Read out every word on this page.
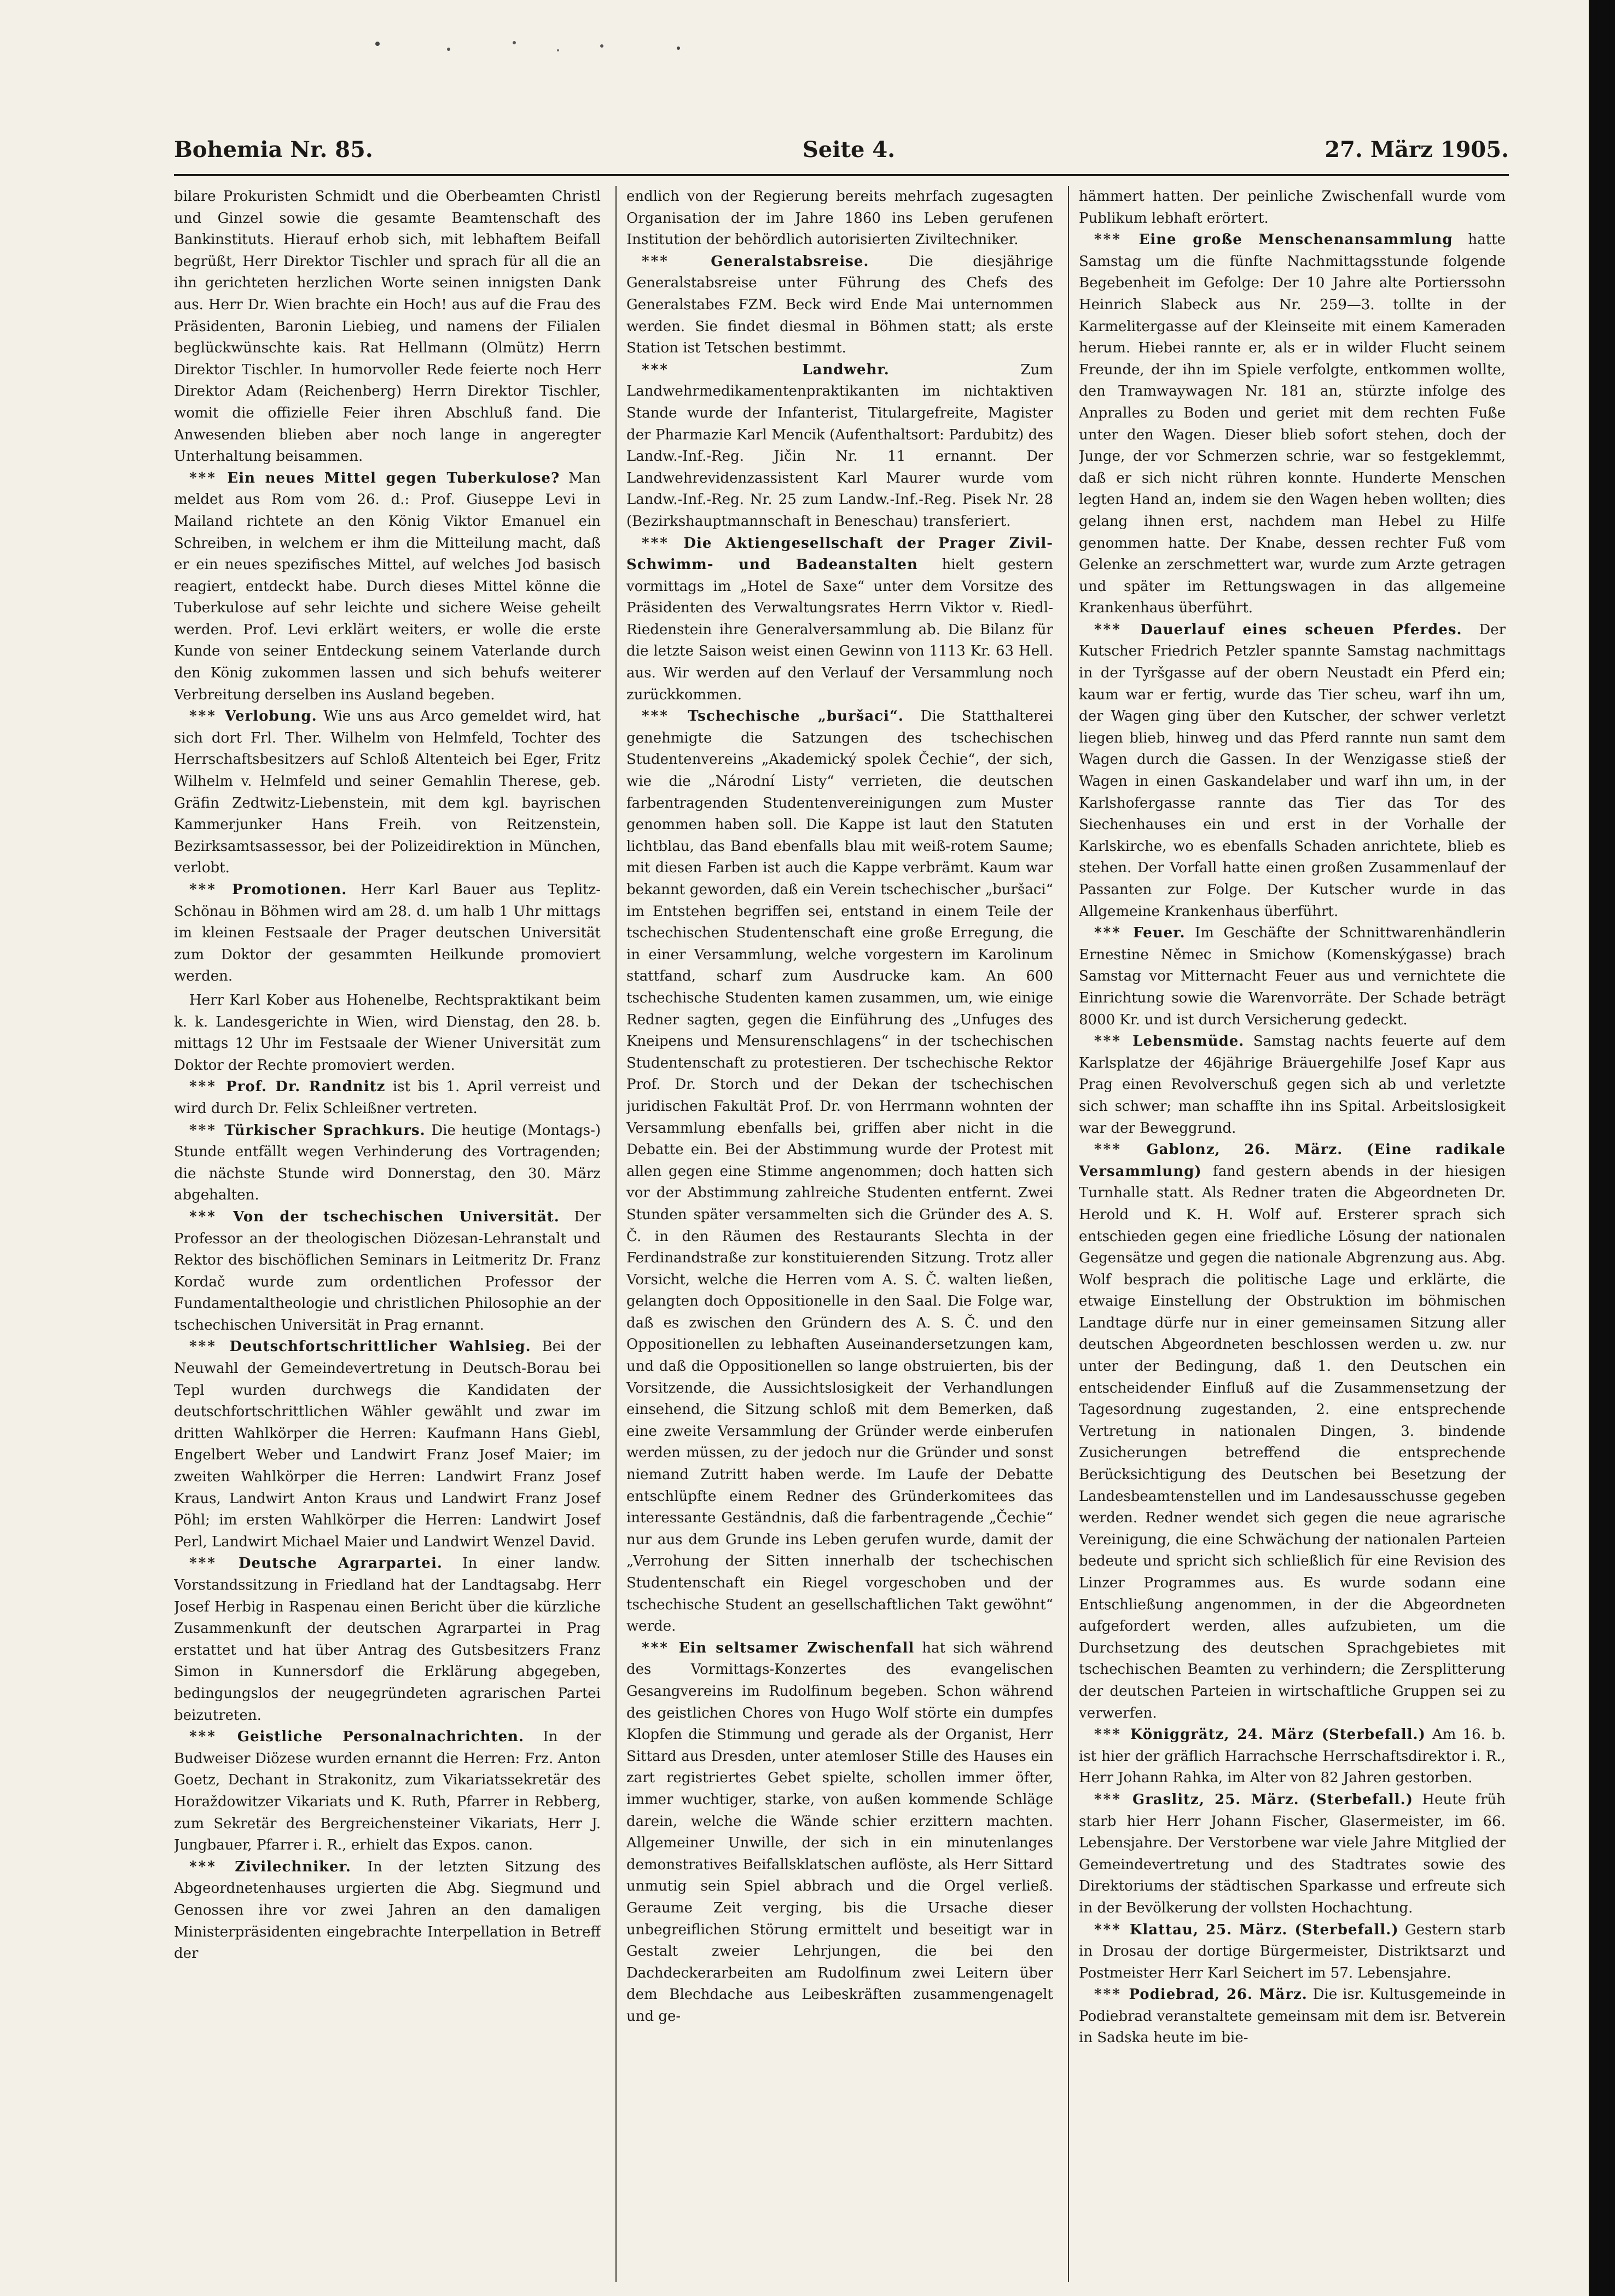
Bohemia Nr. 85.	Seite 4.	27. März 1905.

bilare Prokuristen Schmidt und die Oberbeamten Christl und Ginzel sowie die gesamte Beamtenschaft des Bankinstituts. Hierauf erhob sich, mit lebhaftem Beifall begrüßt, Herr Direktor Tischler und sprach für all die an ihn gerichteten herzlichen Worte seinen innigsten Dank aus. Herr Dr. Wien brachte ein Hoch! aus auf die Frau des Präsidenten, Baronin Liebieg, und namens der Filialen beglückwünschte kais. Rat Hellmann (Olmütz) Herrn Direktor Tischler. In humorvoller Rede feierte noch Herr Direktor Adam (Reichenberg) Herrn Direktor Tischler, womit die offizielle Feier ihren Abschluß fand. Die Anwesenden blieben aber noch lange in angeregter Unterhaltung beisammen.

*** Ein neues Mittel gegen Tuberkulose? Man meldet aus Rom vom 26. d.: Prof. Giuseppe Levi in Mailand richtete an den König Viktor Emanuel ein Schreiben, in welchem er ihm die Mitteilung macht, daß er ein neues spezifisches Mittel, auf welches Jod basisch reagiert, entdeckt habe. Durch dieses Mittel könne die Tuberkulose auf sehr leichte und sichere Weise geheilt werden. Prof. Levi erklärt weiters, er wolle die erste Kunde von seiner Entdeckung seinem Vaterlande durch den König zukommen lassen und sich behufs weiterer Verbreitung derselben ins Ausland begeben.

*** Verlobung. Wie uns aus Arco gemeldet wird, hat sich dort Frl. Ther. Wilhelm von Helmfeld, Tochter des Herrschaftsbesitzers auf Schloß Altenteich bei Eger, Fritz Wilhelm v. Helmfeld und seiner Gemahlin Therese, geb. Gräfin Zedtwitz-Liebenstein, mit dem kgl. bayrischen Kammerjunker Hans Freih. von Reitzenstein, Bezirksamtsassessor, bei der Polizeidirektion in München, verlobt.

*** Promotionen. Herr Karl Bauer aus Teplitz-Schönau in Böhmen wird am 28. d. um halb 1 Uhr mittags im kleinen Festsaale der Prager deutschen Universität zum Doktor der gesammten Heilkunde promoviert werden.

Herr Karl Kober aus Hohenelbe, Rechtspraktikant beim k. k. Landesgerichte in Wien, wird Dienstag, den 28. b. mittags 12 Uhr im Festsaale der Wiener Universität zum Doktor der Rechte promoviert werden.

*** Prof. Dr. Randnitz ist bis 1. April verreist und wird durch Dr. Felix Schleißner vertreten.

*** Türkischer Sprachkurs. Die heutige (Montags-) Stunde entfällt wegen Verhinderung des Vortragenden; die nächste Stunde wird Donnerstag, den 30. März abgehalten.

*** Von der tschechischen Universität. Der Professor an der theologischen Diözesan-Lehranstalt und Rektor des bischöflichen Seminars in Leitmeritz Dr. Franz Kordač wurde zum ordentlichen Professor der Fundamentaltheologie und christlichen Philosophie an der tschechischen Universität in Prag ernannt.

*** Deutschfortschrittlicher Wahlsieg. Bei der Neuwahl der Gemeindevertretung in Deutsch-Borau bei Tepl wurden durchwegs die Kandidaten der deutschfortschrittlichen Wähler gewählt und zwar im dritten Wahlkörper die Herren: Kaufmann Hans Giebl, Engelbert Weber und Landwirt Franz Josef Maier; im zweiten Wahlkörper die Herren: Landwirt Franz Josef Kraus, Landwirt Anton Kraus und Landwirt Franz Josef Pöhl; im ersten Wahlkörper die Herren: Landwirt Josef Perl, Landwirt Michael Maier und Landwirt Wenzel David.

*** Deutsche Agrarpartei. In einer landw. Vorstandssitzung in Friedland hat der Landtagsabg. Herr Josef Herbig in Raspenau einen Bericht über die kürzliche Zusammenkunft der deutschen Agrarpartei in Prag erstattet und hat über Antrag des Gutsbesitzers Franz Simon in Kunnersdorf die Erklärung abgegeben, bedingungslos der neugegründeten agrarischen Partei beizutreten.

*** Geistliche Personalnachrichten. In der Budweiser Diözese wurden ernannt die Herren: Frz. Anton Goetz, Dechant in Strakonitz, zum Vikariatssekretär des Horaždowitzer Vikariats und K. Ruth, Pfarrer in Rebberg, zum Sekretär des Bergreichensteiner Vikariats, Herr J. Jungbauer, Pfarrer i. R., erhielt das Expos. canon.

*** Zivilechniker. In der letzten Sitzung des Abgeordnetenhauses urgierten die Abg. Siegmund und Genossen ihre vor zwei Jahren an den damaligen Ministerpräsidenten eingebrachte Interpellation in Betreff der

endlich von der Regierung bereits mehrfach zugesagten Organisation der im Jahre 1860 ins Leben gerufenen Institution der behördlich autorisierten Ziviltechniker.

*** Generalstabsreise.	Die diesjährige Generalstabsreise unter Führung des Chefs des Generalstabes FZM. Beck wird Ende Mai unternommen werden. Sie findet diesmal in Böhmen statt; als erste Station ist Tetschen bestimmt.

*** Landwehr.	Zum Landwehrmedikamentenpraktikanten im nichtaktiven Stande wurde der Infanterist, Titulargefreite, Magister der Pharmazie Karl Mencik (Aufenthaltsort: Pardubitz) des Landw.-Inf.-Reg. Jičin Nr. 11 ernannt. Der Landwehrevidenzassistent Karl Maurer wurde vom Landw.-Inf.-Reg. Nr. 25 zum Landw.-Inf.-Reg. Pisek Nr. 28 (Bezirkshauptmannschaft in Beneschau) transferiert.

*** Die Aktiengesellschaft der Prager Zivil-Schwimm- und Badeanstalten hielt gestern vormittags im „Hotel de Saxe“ unter dem Vorsitze des Präsidenten des Verwaltungsrates Herrn Viktor v. Riedl-Riedenstein ihre Generalversammlung ab. Die Bilanz für die letzte Saison weist einen Gewinn von 1113 Kr. 63 Hell. aus. Wir werden auf den Verlauf der Versammlung noch zurückkommen.

*** Tschechische „buršaci“. Die Statthalterei genehmigte die Satzungen des tschechischen Studentenvereins „Akademický spolek Čechie“, der sich, wie die „Národní Listy“ verrieten, die deutschen farbentragenden Studentenvereinigungen zum Muster genommen haben soll. Die Kappe ist laut den Statuten lichtblau, das Band ebenfalls blau mit weiß-rotem Saume; mit diesen Farben ist auch die Kappe verbrämt. Kaum war bekannt geworden, daß ein Verein tschechischer „buršaci“ im Entstehen begriffen sei, entstand in einem Teile der tschechischen Studentenschaft eine große Erregung, die in einer Versammlung, welche vorgestern im Karolinum stattfand, scharf zum Ausdrucke kam. An 600 tschechische Studenten kamen zusammen, um, wie einige Redner sagten, gegen die Einführung des „Unfuges des Kneipens und Mensurenschlagens“ in der tschechischen Studentenschaft zu protestieren. Der tschechische Rektor Prof. Dr. Storch und der Dekan der tschechischen juridischen Fakultät Prof. Dr. von Herrmann wohnten der Versammlung ebenfalls bei, griffen aber nicht in die Debatte ein. Bei der Abstimmung wurde der Protest mit allen gegen eine Stimme angenommen; doch hatten sich vor der Abstimmung zahlreiche Studenten entfernt. Zwei Stunden später versammelten sich die Gründer des A. S. Č. in den Räumen des Restaurants Slechta in der Ferdinandstraße zur konstituierenden Sitzung. Trotz aller Vorsicht, welche die Herren vom A. S. Č. walten ließen, gelangten doch Oppositionelle in den Saal. Die Folge war, daß es zwischen den Gründern des A. S. Č. und den Oppositionellen zu lebhaften Auseinandersetzungen kam, und daß die Oppositionellen so lange obstruierten, bis der Vorsitzende, die Aussichtslosigkeit der Verhandlungen einsehend, die Sitzung schloß mit dem Bemerken, daß eine zweite Versammlung der Gründer werde einberufen werden müssen, zu der jedoch nur die Gründer und sonst niemand Zutritt haben werde. Im Laufe der Debatte entschlüpfte einem Redner des Gründerkomitees das interessante Geständnis, daß die farbentragende „Čechie“ nur aus dem Grunde ins Leben gerufen wurde, damit der „Verrohung der Sitten innerhalb der tschechischen Studentenschaft ein Riegel vorgeschoben und der tschechische Student an gesellschaftlichen Takt gewöhnt“ werde.

*** Ein seltsamer Zwischenfall hat sich während des Vormittags-Konzertes des evangelischen Gesangvereins im Rudolfinum begeben. Schon während des geistlichen Chores von Hugo Wolf störte ein dumpfes Klopfen die Stimmung und gerade als der Organist, Herr Sittard aus Dresden, unter atemloser Stille des Hauses ein zart registriertes Gebet spielte, schollen immer öfter, immer wuchtiger, starke, von außen kommende Schläge darein, welche die Wände schier erzittern machten. Allgemeiner Unwille, der sich in ein minutenlanges demonstratives Beifallsklatschen auflöste, als Herr Sittard unmutig sein Spiel abbrach und die Orgel verließ. Geraume Zeit verging, bis die Ursache dieser unbegreiflichen Störung ermittelt und beseitigt war in Gestalt zweier Lehrjungen, die bei den Dachdeckerarbeiten am Rudolfinum zwei Leitern über dem Blechdache aus Leibeskräften zusammengenagelt und ge-

hämmert hatten. Der peinliche Zwischenfall wurde vom Publikum lebhaft erörtert.

*** Eine große Menschenansammlung hatte Samstag um die fünfte Nachmittagsstunde folgende Begebenheit im Gefolge: Der 10 Jahre alte Portierssohn Heinrich Slabeck aus Nr. 259—3. tollte in der Karmelitergasse auf der Kleinseite mit einem Kameraden herum. Hiebei rannte er, als er in wilder Flucht seinem Freunde, der ihn im Spiele verfolgte, entkommen wollte, den Tramwaywagen Nr. 181 an, stürzte infolge des Anpralles zu Boden und geriet mit dem rechten Fuße unter den Wagen. Dieser blieb sofort stehen, doch der Junge, der vor Schmerzen schrie, war so festgeklemmt, daß er sich nicht rühren konnte. Hunderte Menschen legten Hand an, indem sie den Wagen heben wollten; dies gelang ihnen erst, nachdem man Hebel zu Hilfe genommen hatte. Der Knabe, dessen rechter Fuß vom Gelenke an zerschmettert war, wurde zum Arzte getragen und später im Rettungswagen in das allgemeine Krankenhaus überführt.

*** Dauerlauf eines scheuen Pferdes. Der Kutscher Friedrich Petzler spannte Samstag nachmittags in der Tyršgasse auf der obern Neustadt ein Pferd ein; kaum war er fertig, wurde das Tier scheu, warf ihn um, der Wagen ging über den Kutscher, der schwer verletzt liegen blieb, hinweg und das Pferd rannte nun samt dem Wagen durch die Gassen. In der Wenzigasse stieß der Wagen in einen Gaskandelaber und warf ihn um, in der Karlshofergasse rannte das Tier das Tor des Siechenhauses ein und erst in der Vorhalle der Karlskirche, wo es ebenfalls Schaden anrichtete, blieb es stehen. Der Vorfall hatte einen großen Zusammenlauf der Passanten zur Folge. Der Kutscher wurde in das Allgemeine Krankenhaus überführt.

*** Feuer. Im Geschäfte der Schnittwarenhändlerin Ernestine Němec in Smichow (Komenskýgasse) brach Samstag vor Mitternacht Feuer aus und vernichtete die Einrichtung sowie die Warenvorräte. Der Schade beträgt 8000 Kr. und ist durch Versicherung gedeckt.

*** Lebensmüde. Samstag nachts feuerte auf dem Karlsplatze der 46jährige Bräuergehilfe Josef Kapr aus Prag einen Revolverschuß gegen sich ab und verletzte sich schwer; man schaffte ihn ins Spital. Arbeitslosigkeit war der Beweggrund.

*** Gablonz, 26. März. (Eine radikale Versammlung) fand gestern abends in der hiesigen Turnhalle statt. Als Redner traten die Abgeordneten Dr. Herold und K. H. Wolf auf. Ersterer sprach sich entschieden gegen eine friedliche Lösung der nationalen Gegensätze und gegen die nationale Abgrenzung aus. Abg. Wolf besprach die politische Lage und erklärte, die etwaige Einstellung der Obstruktion im böhmischen Landtage dürfe nur in einer gemeinsamen Sitzung aller deutschen Abgeordneten beschlossen werden u. zw. nur unter der Bedingung, daß 1. den Deutschen ein entscheidender Einfluß auf die Zusammensetzung der Tagesordnung zugestanden, 2. eine entsprechende Vertretung in nationalen Dingen, 3. bindende Zusicherungen betreffend die entsprechende Berücksichtigung des Deutschen bei Besetzung der Landesbeamtenstellen und im Landesausschusse gegeben werden. Redner wendet sich gegen die neue agrarische Vereinigung, die eine Schwächung der nationalen Parteien bedeute und spricht sich schließlich für eine Revision des Linzer Programmes aus. Es wurde sodann eine Entschließung angenommen, in der die Abgeordneten aufgefordert werden, alles aufzubieten, um die Durchsetzung des deutschen Sprachgebietes mit tschechischen Beamten zu verhindern; die Zersplitterung der deutschen Parteien in wirtschaftliche Gruppen sei zu verwerfen.

*** Königgrätz, 24. März (Sterbefall.) Am 16. b. ist hier der gräflich Harrachsche Herrschaftsdirektor i. R., Herr Johann Rahka, im Alter von 82 Jahren gestorben.

*** Graslitz, 25. März. (Sterbefall.) Heute früh starb hier Herr Johann Fischer, Glasermeister, im 66. Lebensjahre. Der Verstorbene war viele Jahre Mitglied der Gemeindevertretung und des Stadtrates sowie des Direktoriums der städtischen Sparkasse und erfreute sich in der Bevölkerung der vollsten Hochachtung.

*** Klattau, 25. März. (Sterbefall.) Gestern starb in Drosau der dortige Bürgermeister, Distriktsarzt und Postmeister Herr Karl Seichert im 57. Lebensjahre.

*** Podiebrad, 26. März. Die isr. Kultusgemeinde in Podiebrad veranstaltete gemeinsam mit dem isr. Betverein in Sadska heute im bie-
